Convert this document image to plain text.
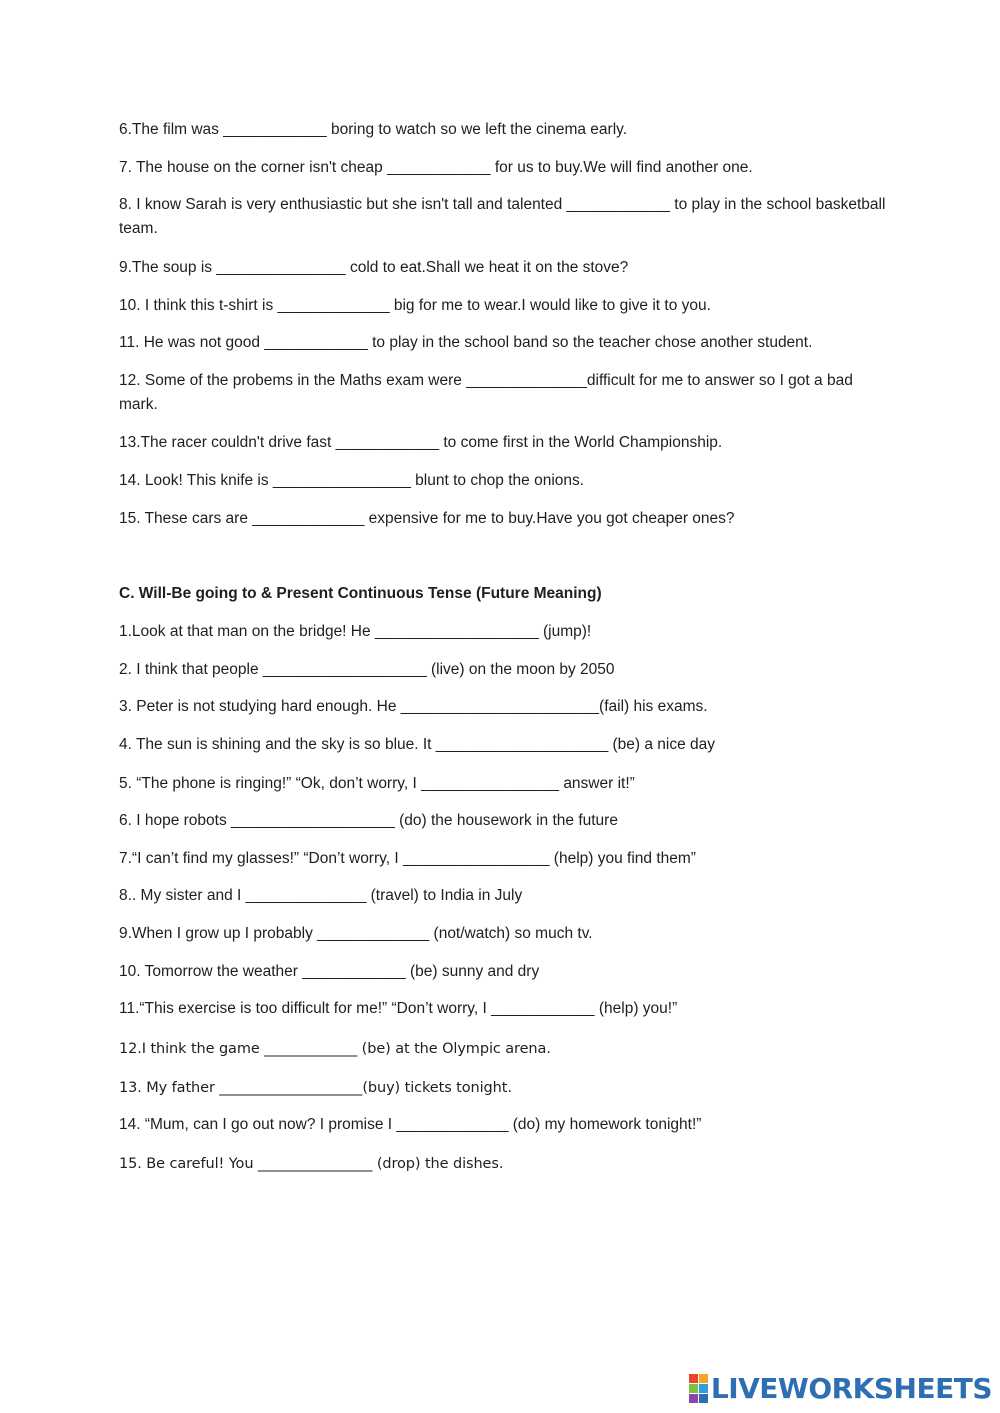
6.The film was ____________ boring to watch so we left the cinema early.
7. The house on the corner isn't cheap ____________ for us to buy.We will find another one.
8. I know Sarah is very enthusiastic but she isn't tall and talented ____________ to play in the school basketball team.
9.The soup is _______________ cold to eat.Shall we heat it on the stove?
10. I think this t-shirt is _____________ big for me to wear.I would like to give it to you.
11. He was not good ____________ to play in the school band so the teacher chose another student.
12. Some of the probems in the Maths exam were ______________difficult for me to answer so I got a bad mark.
13.The racer couldn't drive fast ____________ to come first in the World Championship.
14. Look! This knife is ________________ blunt to chop the onions.
15. These cars are _____________ expensive for me to buy.Have you got cheaper ones?
C. Will-Be going to & Present Continuous Tense (Future Meaning)
1.Look at that man on the bridge! He ___________________ (jump)!
2. I think that people ___________________ (live) on the moon by 2050
3. Peter is not studying hard enough. He _______________________(fail) his exams.
4. The sun is shining and the sky is so blue. It ____________________ (be) a nice day
5. “The phone is ringing!” “Ok, don’t worry, I ________________ answer it!”
6. I hope robots ___________________ (do) the housework in the future
7.“I can’t find my glasses!” “Don’t worry, I _________________ (help) you find them”
8.. My sister and I ______________ (travel) to India in July
9.When I grow up I probably _____________ (not/watch) so much tv.
10. Tomorrow the weather ____________ (be) sunny and dry
11.“This exercise is too difficult for me!” “Don’t worry, I ____________ (help) you!”
12.I think the game _____________ (be) at the Olympic arena.
13. My father ____________________(buy) tickets tonight.
14. “Mum, can I go out now? I promise I _____________ (do) my homework tonight!”
15. Be careful! You ________________ (drop) the dishes.
LIVEWORKSHEETS
